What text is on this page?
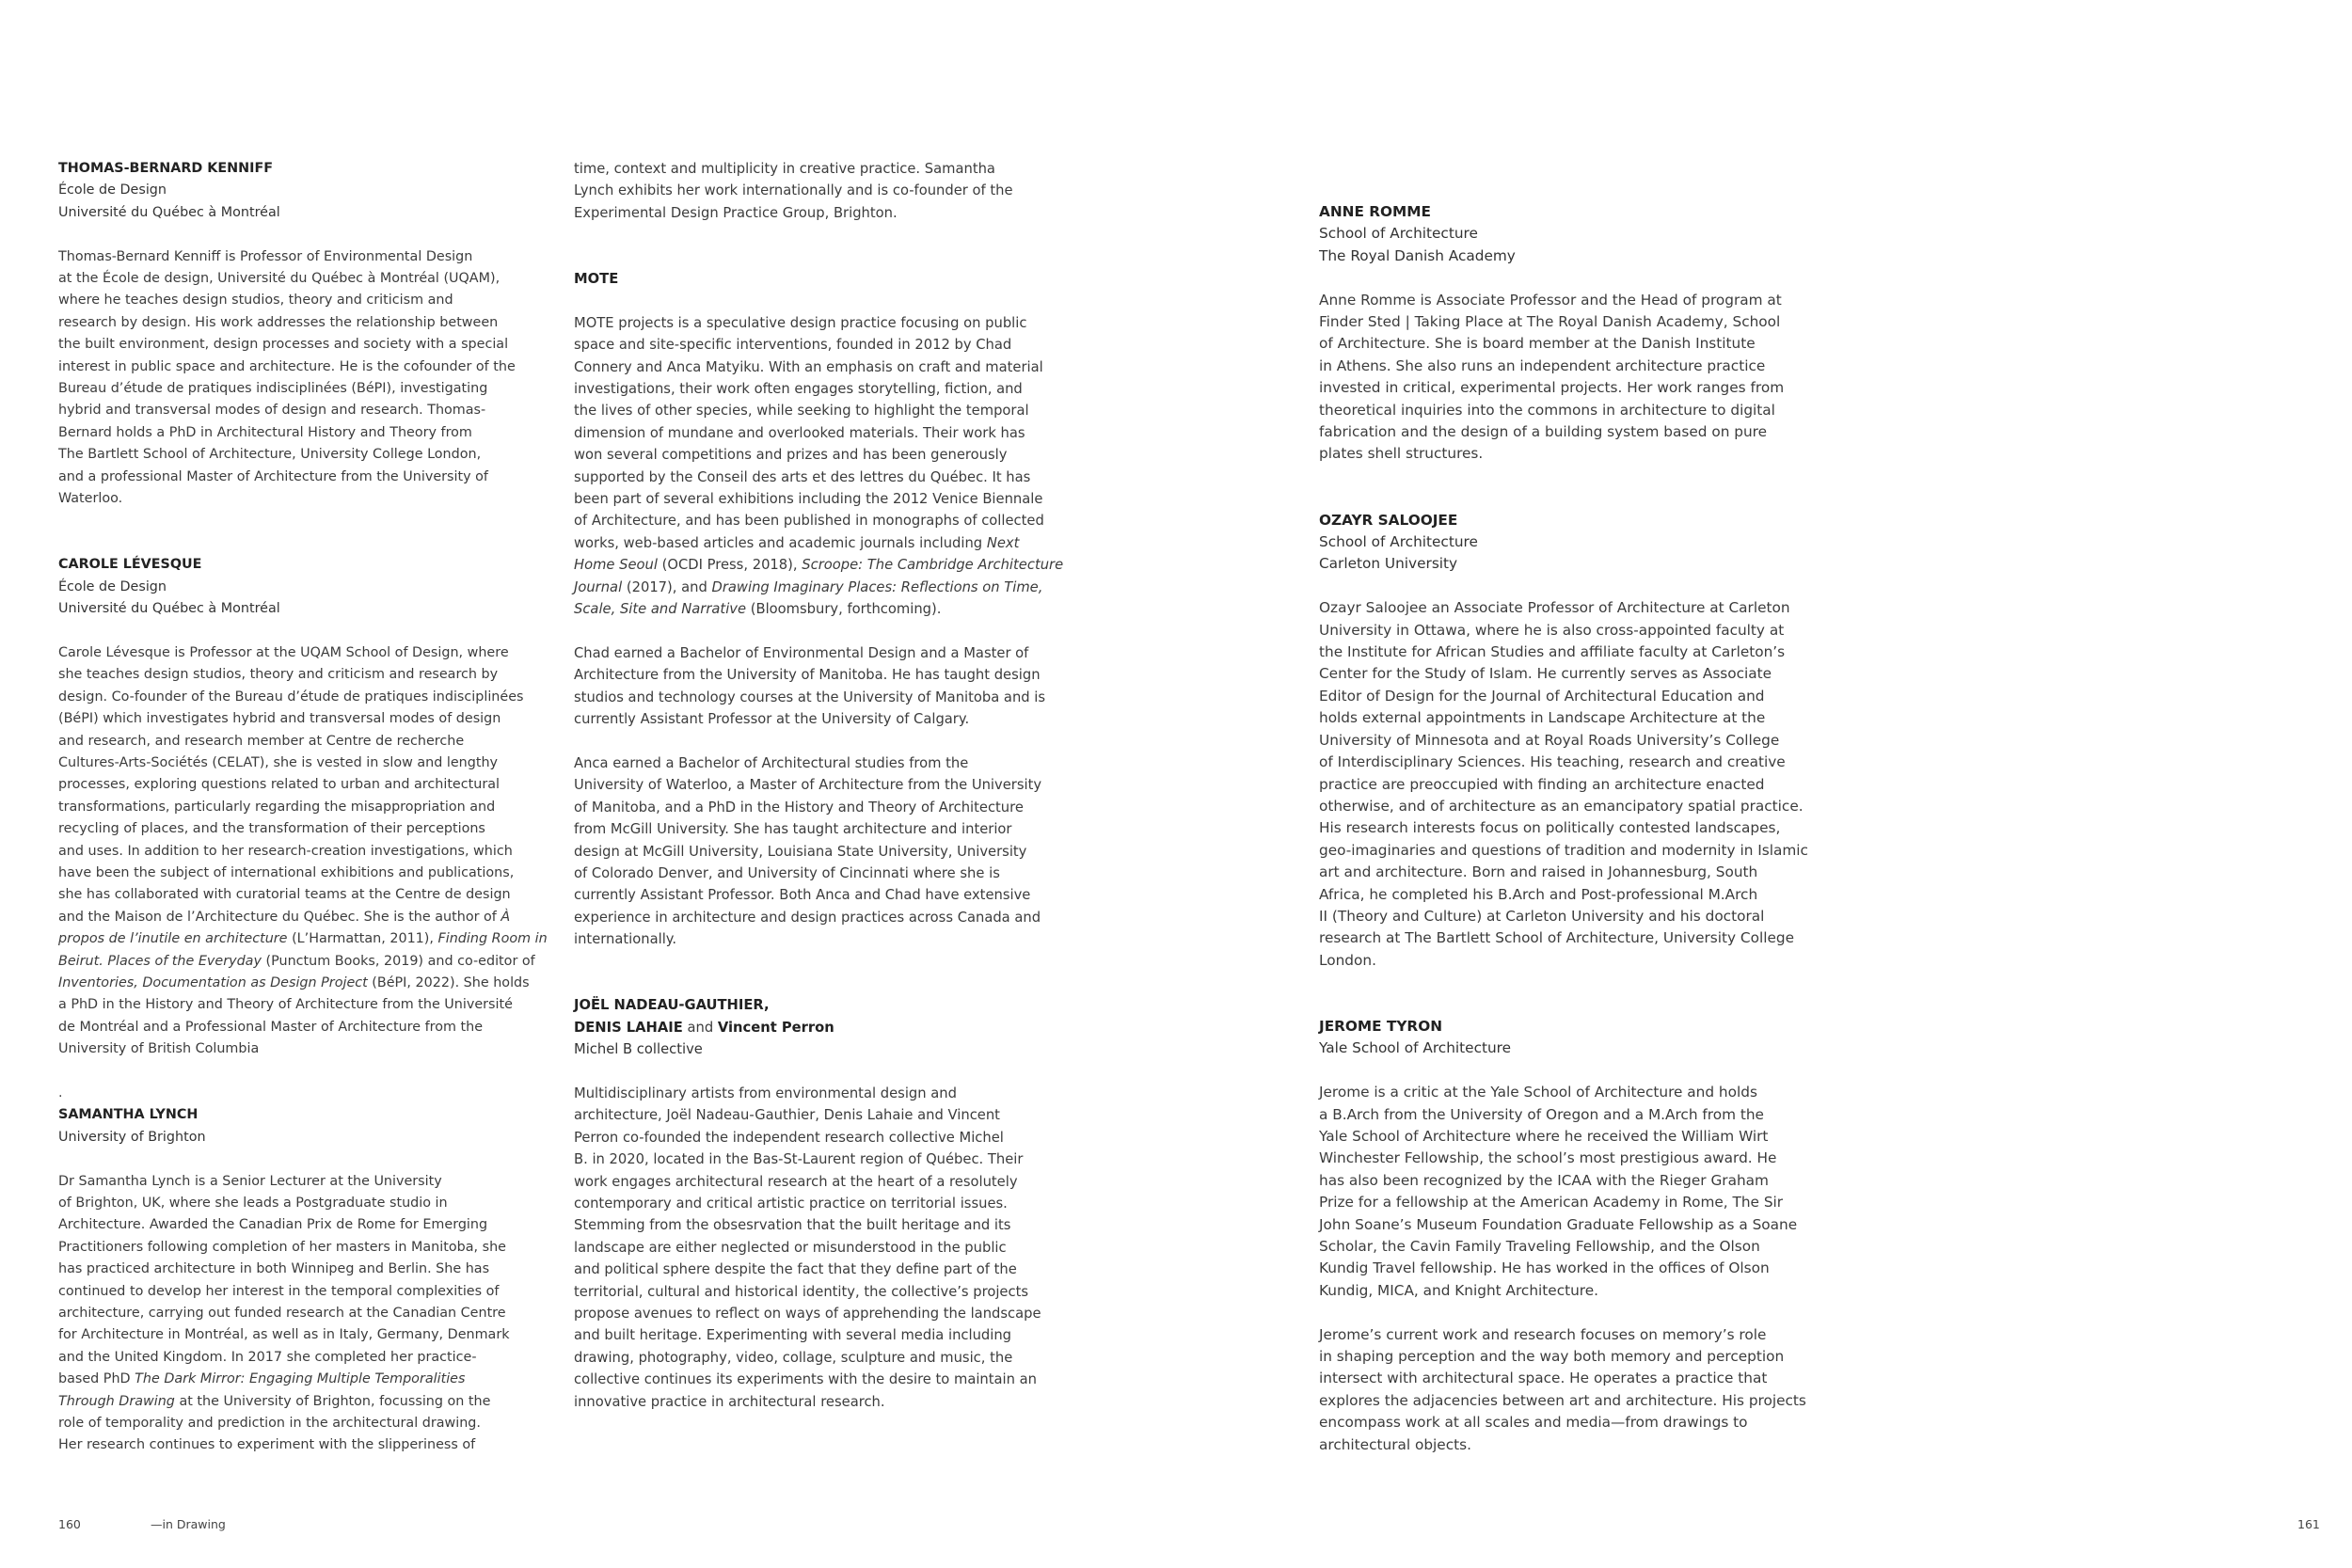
THOMAS-BERNARD KENNIFF
École de Design
Université du Québec à Montréal
Thomas-Bernard Kenniff is Professor of Environmental Design
at the École de design, Université du Québec à Montréal (UQAM),
where he teaches design studios, theory and criticism and
research by design. His work addresses the relationship between
the built environment, design processes and society with a special
interest in public space and architecture. He is the cofounder of the
Bureau d’étude de pratiques indisciplinées (BéPI), investigating
hybrid and transversal modes of design and research. Thomas-
Bernard holds a PhD in Architectural History and Theory from
The Bartlett School of Architecture, University College London,
and a professional Master of Architecture from the University of
Waterloo.
CAROLE LÉVESQUE
École de Design
Université du Québec à Montréal
Carole Lévesque is Professor at the UQAM School of Design, where
she teaches design studios, theory and criticism and research by
design. Co-founder of the Bureau d’étude de pratiques indisciplinées
(BéPI) which investigates hybrid and transversal modes of design
and research, and research member at Centre de recherche
Cultures-Arts-Sociétés (CELAT), she is vested in slow and lengthy
processes, exploring questions related to urban and architectural
transformations, particularly regarding the misappropriation and
recycling of places, and the transformation of their perceptions
and uses. In addition to her research-creation investigations, which
have been the subject of international exhibitions and publications,
she has collaborated with curatorial teams at the Centre de design
and the Maison de l’Architecture du Québec. She is the author of À
propos de l’inutile en architecture (L’Harmattan, 2011), Finding Room in
Beirut. Places of the Everyday (Punctum Books, 2019) and co-editor of
Inventories, Documentation as Design Project (BéPI, 2022). She holds
a PhD in the History and Theory of Architecture from the Université
de Montréal and a Professional Master of Architecture from the
University of British Columbia
.
SAMANTHA LYNCH
University of Brighton
Dr Samantha Lynch is a Senior Lecturer at the University
of Brighton, UK, where she leads a Postgraduate studio in
Architecture. Awarded the Canadian Prix de Rome for Emerging
Practitioners following completion of her masters in Manitoba, she
has practiced architecture in both Winnipeg and Berlin. She has
continued to develop her interest in the temporal complexities of
architecture, carrying out funded research at the Canadian Centre
for Architecture in Montréal, as well as in Italy, Germany, Denmark
and the United Kingdom. In 2017 she completed her practice-
based PhD The Dark Mirror: Engaging Multiple Temporalities
Through Drawing at the University of Brighton, focussing on the
role of temporality and prediction in the architectural drawing.
Her research continues to experiment with the slipperiness of
time, context and multiplicity in creative practice. Samantha
Lynch exhibits her work internationally and is co-founder of the
Experimental Design Practice Group, Brighton.
MOTE
MOTE projects is a speculative design practice focusing on public
space and site-specific interventions, founded in 2012 by Chad
Connery and Anca Matyiku. With an emphasis on craft and material
investigations, their work often engages storytelling, fiction, and
the lives of other species, while seeking to highlight the temporal
dimension of mundane and overlooked materials. Their work has
won several competitions and prizes and has been generously
supported by the Conseil des arts et des lettres du Québec. It has
been part of several exhibitions including the 2012 Venice Biennale
of Architecture, and has been published in monographs of collected
works, web-based articles and academic journals including Next
Home Seoul (OCDI Press, 2018), Scroope: The Cambridge Architecture
Journal (2017), and Drawing Imaginary Places: Reflections on Time,
Scale, Site and Narrative (Bloomsbury, forthcoming).
Chad earned a Bachelor of Environmental Design and a Master of
Architecture from the University of Manitoba. He has taught design
studios and technology courses at the University of Manitoba and is
currently Assistant Professor at the University of Calgary.
Anca earned a Bachelor of Architectural studies from the
University of Waterloo, a Master of Architecture from the University
of Manitoba, and a PhD in the History and Theory of Architecture
from McGill University. She has taught architecture and interior
design at McGill University, Louisiana State University, University
of Colorado Denver, and University of Cincinnati where she is
currently Assistant Professor. Both Anca and Chad have extensive
experience in architecture and design practices across Canada and
internationally.
JOËL NADEAU-GAUTHIER,
DENIS LAHAIE and Vincent Perron
Michel B collective
Multidisciplinary artists from environmental design and
architecture, Joël Nadeau-Gauthier, Denis Lahaie and Vincent
Perron co-founded the independent research collective Michel
B. in 2020, located in the Bas-St-Laurent region of Québec. Their
work engages architectural research at the heart of a resolutely
contemporary and critical artistic practice on territorial issues.
Stemming from the obsesrvation that the built heritage and its
landscape are either neglected or misunderstood in the public
and political sphere despite the fact that they define part of the
territorial, cultural and historical identity, the collective’s projects
propose avenues to reflect on ways of apprehending the landscape
and built heritage. Experimenting with several media including
drawing, photography, video, collage, sculpture and music, the
collective continues its experiments with the desire to maintain an
innovative practice in architectural research.
ANNE ROMME
School of Architecture
The Royal Danish Academy
Anne Romme is Associate Professor and the Head of program at
Finder Sted | Taking Place at The Royal Danish Academy, School
of Architecture. She is board member at the Danish Institute
in Athens. She also runs an independent architecture practice
invested in critical, experimental projects. Her work ranges from
theoretical inquiries into the commons in architecture to digital
fabrication and the design of a building system based on pure
plates shell structures.
OZAYR SALOOJEE
School of Architecture
Carleton University
Ozayr Saloojee an Associate Professor of Architecture at Carleton
University in Ottawa, where he is also cross-appointed faculty at
the Institute for African Studies and affiliate faculty at Carleton’s
Center for the Study of Islam. He currently serves as Associate
Editor of Design for the Journal of Architectural Education and
holds external appointments in Landscape Architecture at the
University of Minnesota and at Royal Roads University’s College
of Interdisciplinary Sciences. His teaching, research and creative
practice are preoccupied with finding an architecture enacted
otherwise, and of architecture as an emancipatory spatial practice.
His research interests focus on politically contested landscapes,
geo-imaginaries and questions of tradition and modernity in Islamic
art and architecture. Born and raised in Johannesburg, South
Africa, he completed his B.Arch and Post-professional M.Arch
II (Theory and Culture) at Carleton University and his doctoral
research at The Bartlett School of Architecture, University College
London.
JEROME TYRON
Yale School of Architecture
Jerome is a critic at the Yale School of Architecture and holds
a B.Arch from the University of Oregon and a M.Arch from the
Yale School of Architecture where he received the William Wirt
Winchester Fellowship, the school’s most prestigious award. He
has also been recognized by the ICAA with the Rieger Graham
Prize for a fellowship at the American Academy in Rome, The Sir
John Soane’s Museum Foundation Graduate Fellowship as a Soane
Scholar, the Cavin Family Traveling Fellowship, and the Olson
Kundig Travel fellowship. He has worked in the offices of Olson
Kundig, MICA, and Knight Architecture.
Jerome’s current work and research focuses on memory’s role
in shaping perception and the way both memory and perception
intersect with architectural space. He operates a practice that
explores the adjacencies between art and architecture. His projects
encompass work at all scales and media—from drawings to
architectural objects.
160	—in Drawing	161
